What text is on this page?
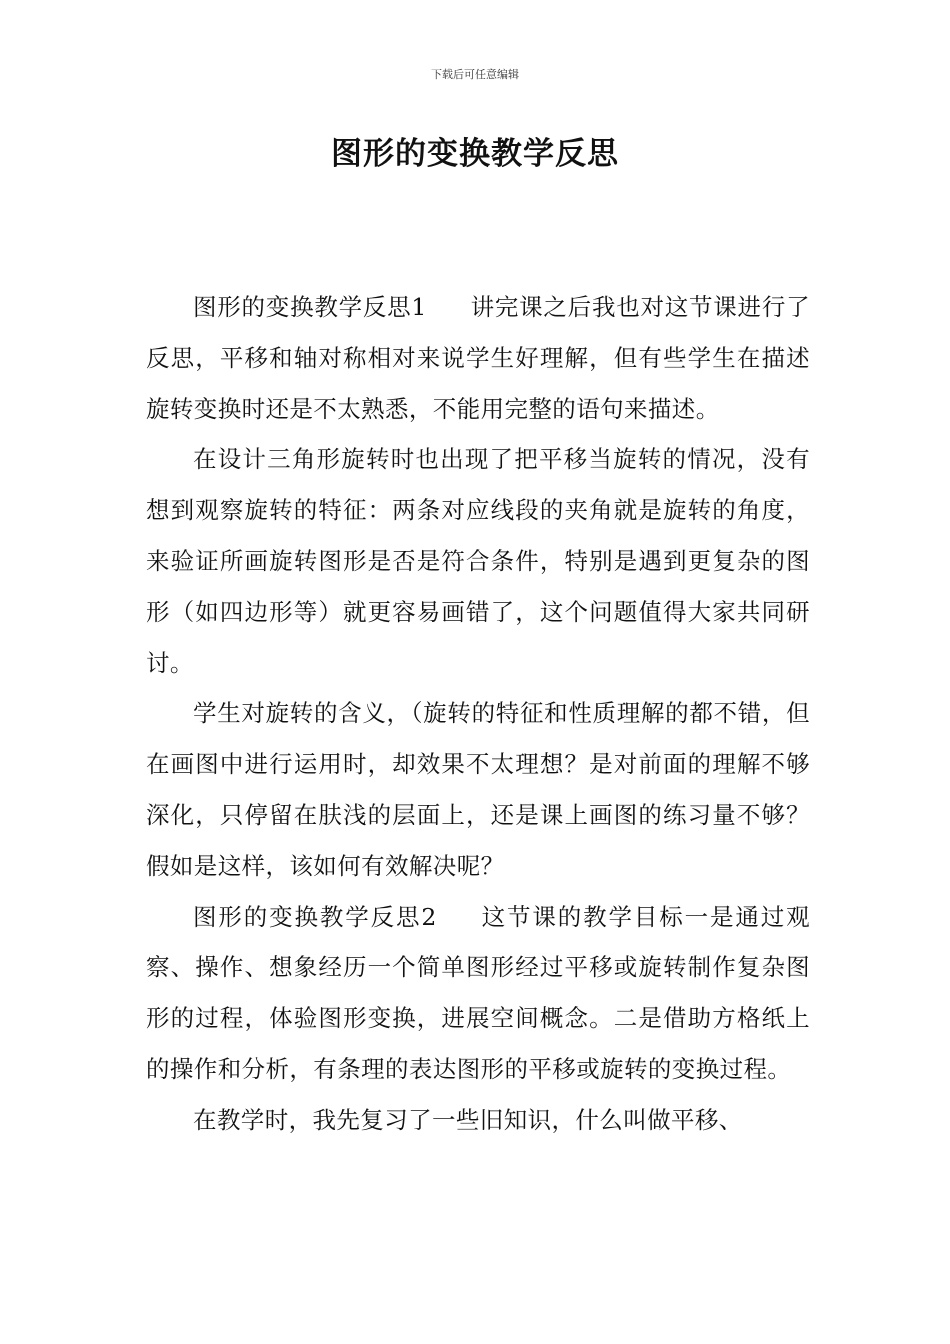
下载后可任意编辑
图形的变换教学反思

图形的变换教学反思1 讲完课之后我也对这节课进行了反思，平移和轴对称相对来说学生好理解，但有些学生在描述旋转变换时还是不太熟悉，不能用完整的语句来描述。

在设计三角形旋转时也出现了把平移当旋转的情况，没有想到观察旋转的特征：两条对应线段的夹角就是旋转的角度，来验证所画旋转图形是否是符合条件，特别是遇到更复杂的图形（如四边形等）就更容易画错了，这个问题值得大家共同研讨。

学生对旋转的含义，（旋转的特征和性质理解的都不错，但在画图中进行运用时，却效果不太理想？是对前面的理解不够深化，只停留在肤浅的层面上，还是课上画图的练习量不够？假如是这样，该如何有效解决呢？

图形的变换教学反思2 这节课的教学目标一是通过观察、操作、想象经历一个简单图形经过平移或旋转制作复杂图形的过程，体验图形变换，进展空间概念。二是借助方格纸上的操作和分析，有条理的表达图形的平移或旋转的变换过程。

在教学时，我先复习了一些旧知识，什么叫做平移、
